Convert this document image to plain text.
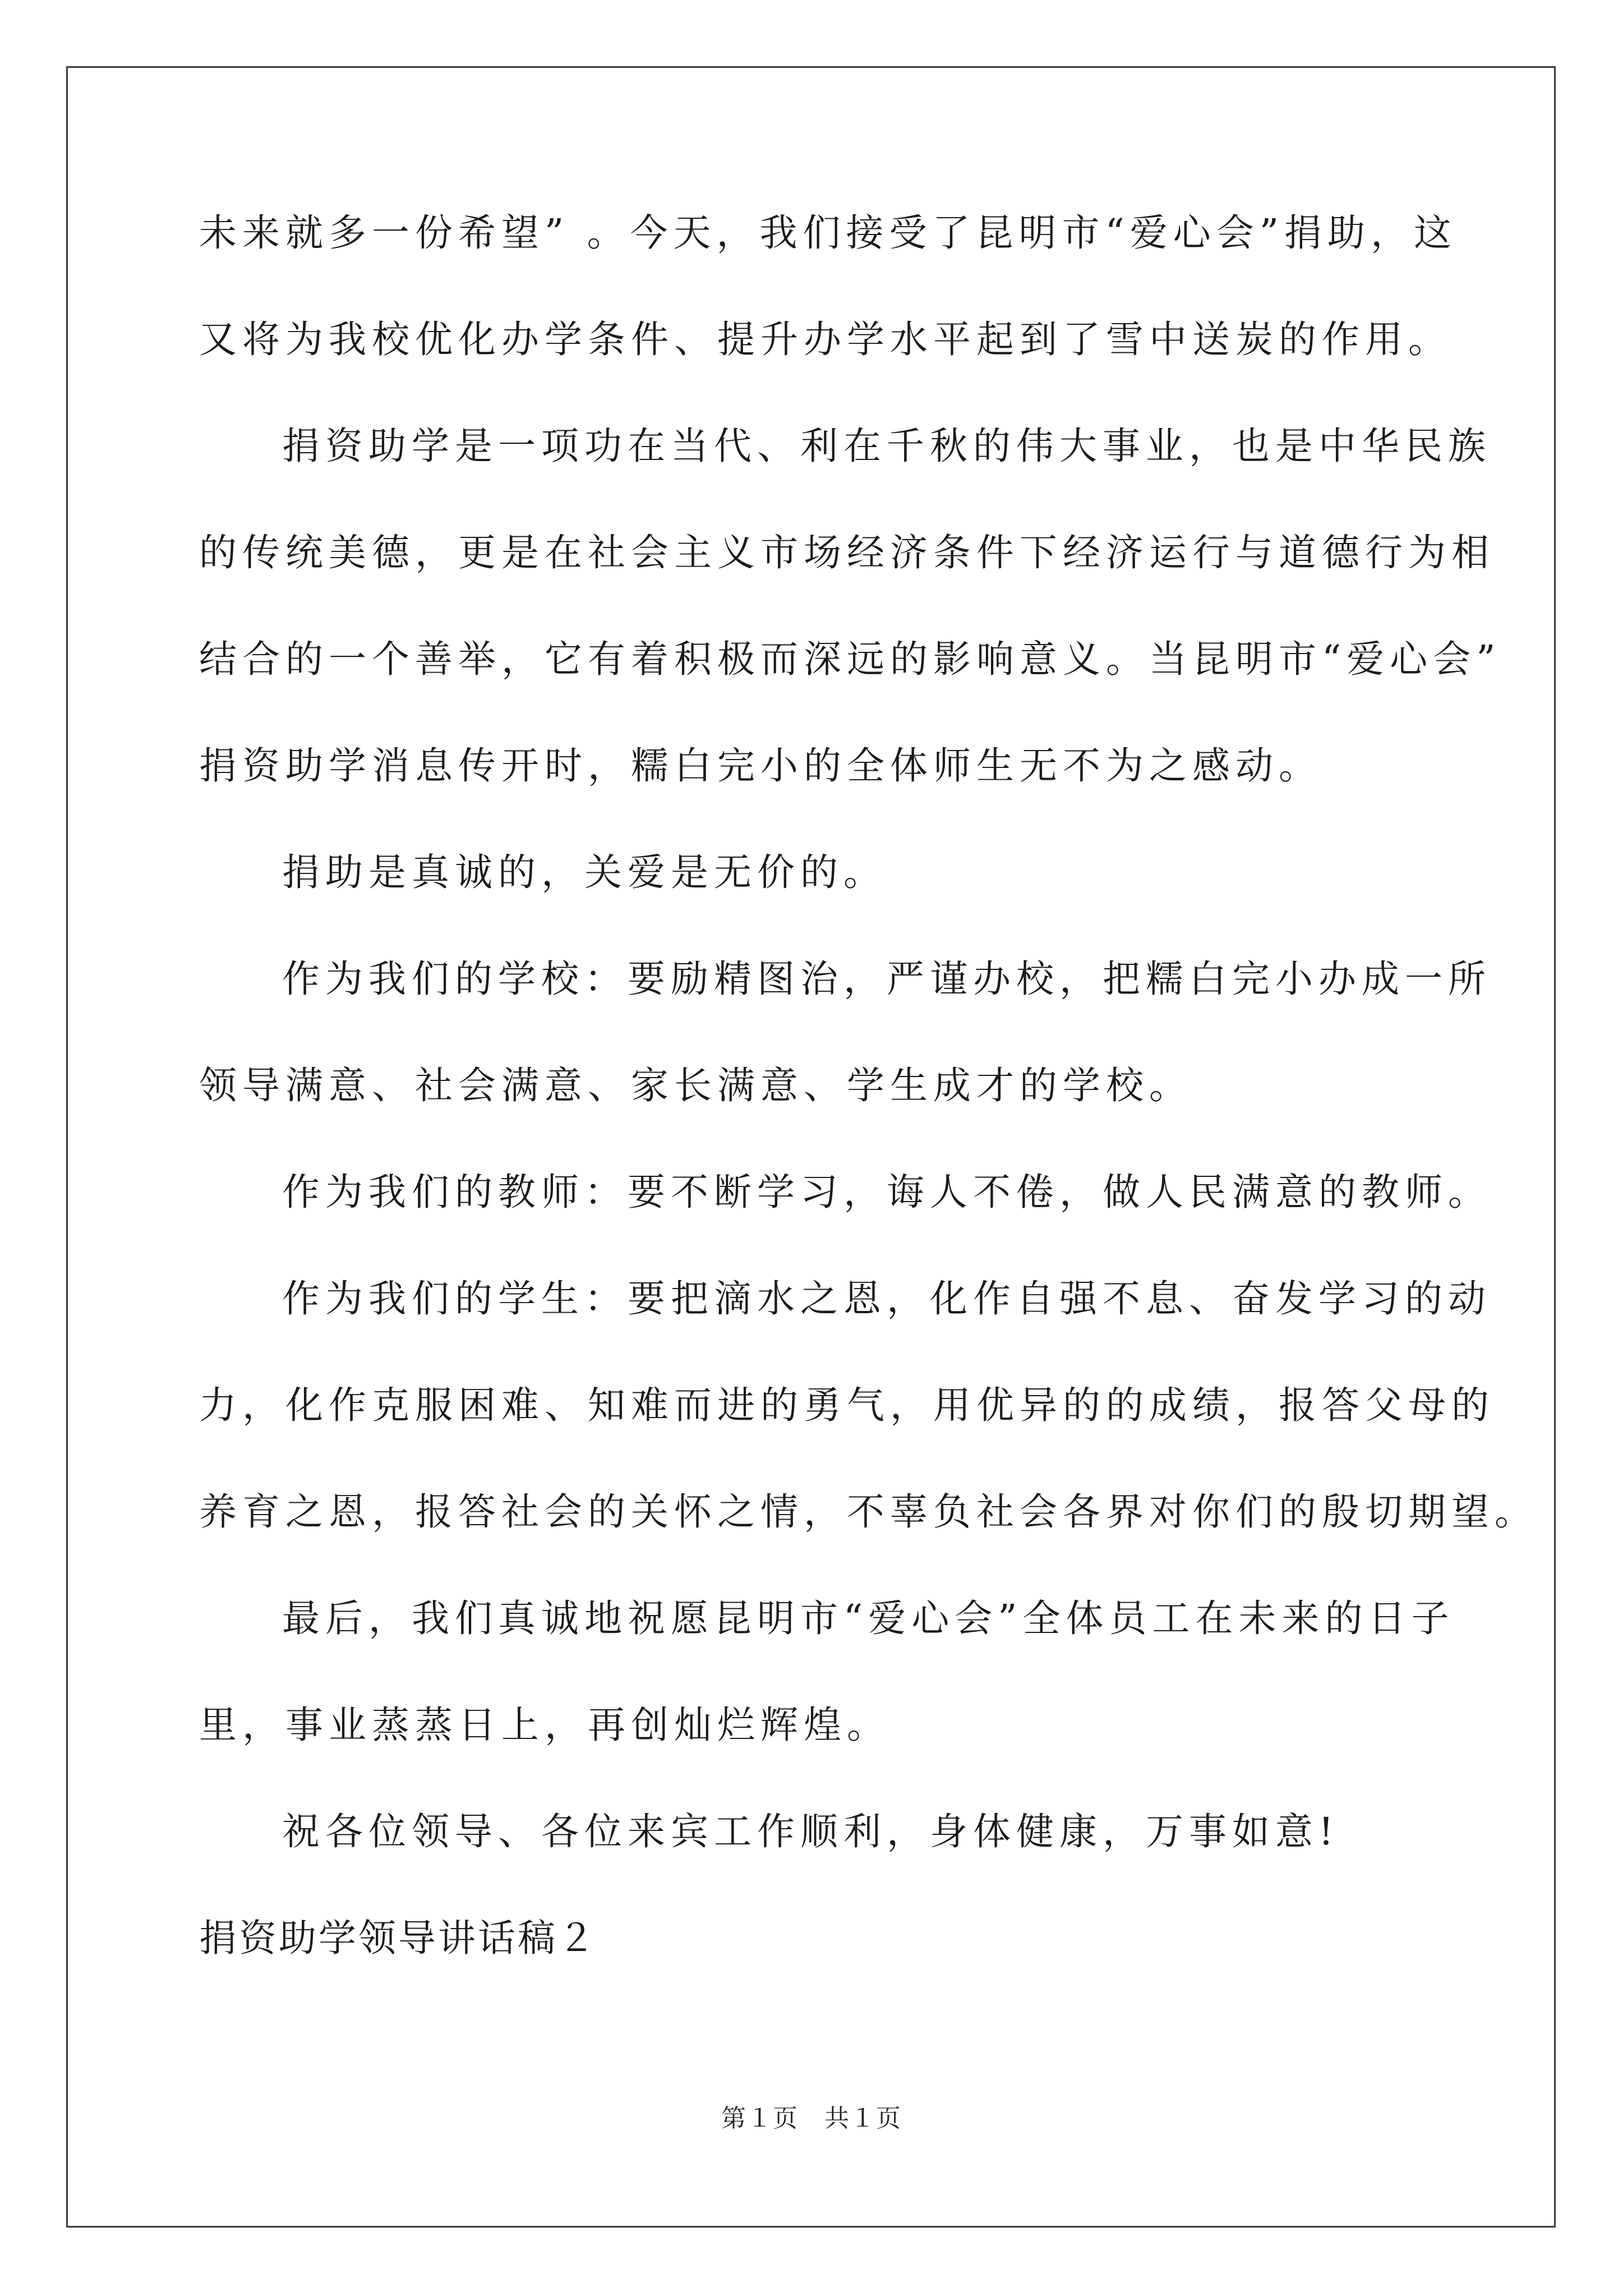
未来就多一份希望” 。今天，我们接受了昆明市“爱心会”捐助，这
又将为我校优化办学条件、提升办学水平起到了雪中送炭的作用。
捐资助学是一项功在当代、利在千秋的伟大事业，也是中华民族
的传统美德，更是在社会主义市场经济条件下经济运行与道德行为相
结合的一个善举，它有着积极而深远的影响意义。当昆明市“爱心会”
捐资助学消息传开时，糯白完小的全体师生无不为之感动。
捐助是真诚的，关爱是无价的。
作为我们的学校：要励精图治，严谨办校，把糯白完小办成一所
领导满意、社会满意、家长满意、学生成才的学校。
作为我们的教师：要不断学习，诲人不倦，做人民满意的教师。
作为我们的学生：要把滴水之恩，化作自强不息、奋发学习的动
力，化作克服困难、知难而进的勇气，用优异的的成绩，报答父母的
养育之恩，报答社会的关怀之情，不辜负社会各界对你们的殷切期望。
最后，我们真诚地祝愿昆明市“爱心会”全体员工在未来的日子
里，事业蒸蒸日上，再创灿烂辉煌。
祝各位领导、各位来宾工作顺利，身体健康，万事如意!
捐资助学领导讲话稿２
第１页　共１页
